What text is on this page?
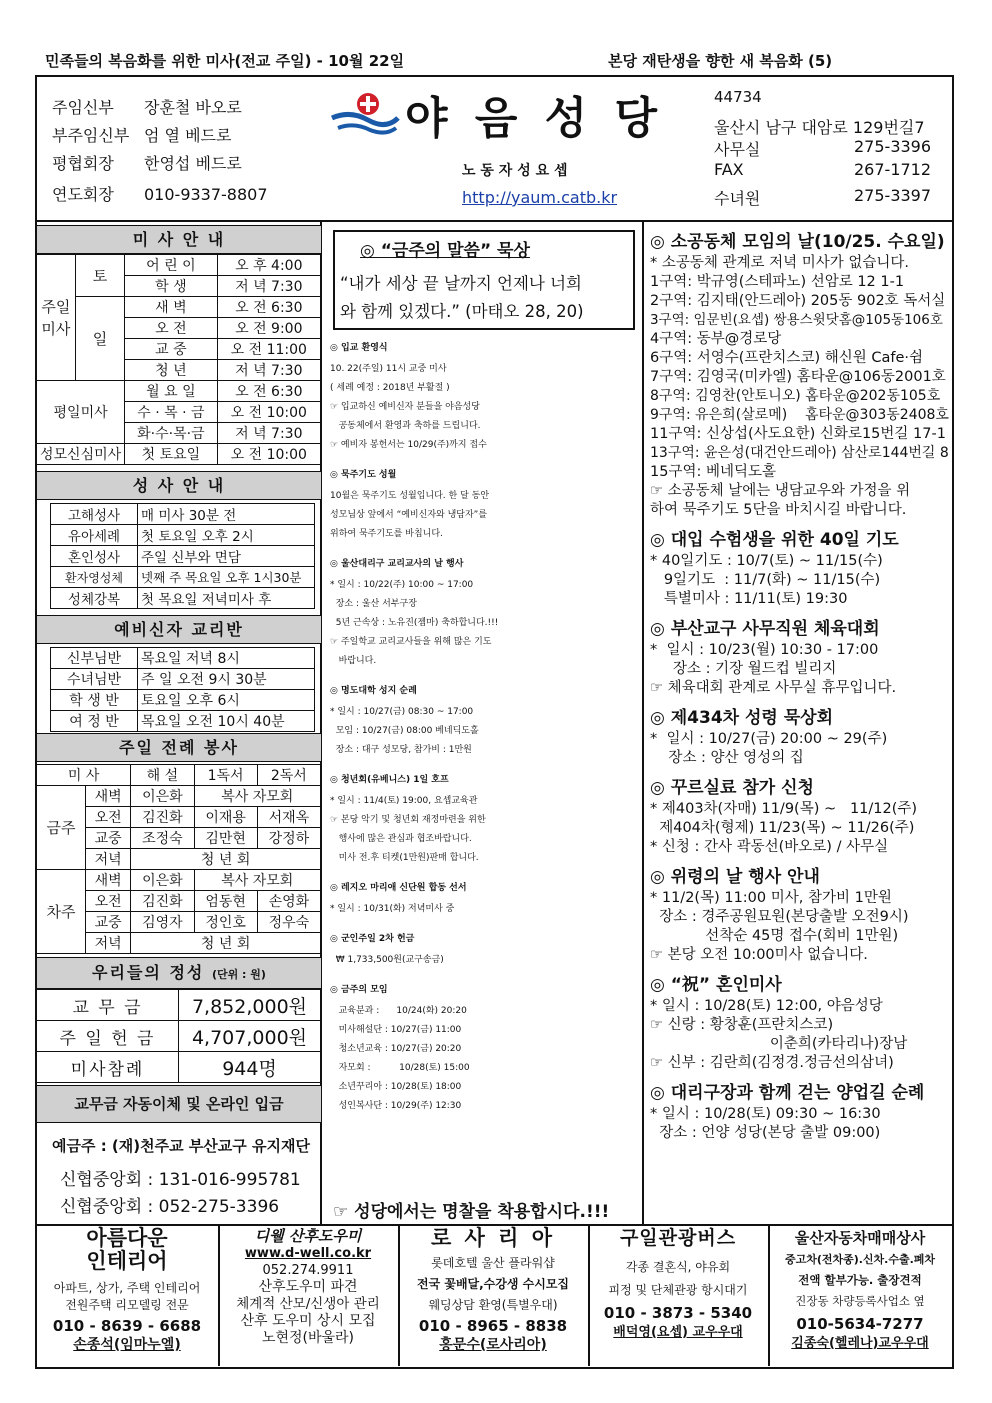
민족들의 복음화를 위한 미사(전교 주일) - 10월 22일	본당 재탄생을 향한 새 복음화 (5)
주임신부 장훈철 바오로
부주임신부 엄 열 베드로
평협회장 한영섭 베드로
연도회장 010-9337-8807
야 음 성 당
노 동 자 성 요 셉
http://yaum.catb.kr
44734
울산시 남구 대암로 129번길7
사무실	275-3396
FAX	267-1712
수녀원	275-3397
미 사 안 내
주일미사	토	어 린 이	오 후 4:00
		학 생	저 녁 7:30
	일	새 벽	오 전 6:30
		오 전	오 전 9:00
		교 중	오 전 11:00
		청 년	저 녁 7:30
평일미사		월 요 일	오 전 6:30
		수 · 목 · 금	오 전 10:00
		화·수·목·금	저 녁 7:30
성모신심미사		첫 토요일	오 전 10:00
성 사 안 내
고해성사	매 미사 30분 전
유아세례	첫 토요일 오후 2시
혼인성사	주일 신부와 면담
환자영성체	넷째 주 목요일 오후 1시30분
성체강복	첫 목요일 저녁미사 후
예비신자 교리반
신부님반	목요일 저녁 8시
수녀님반	주 일 오전 9시 30분
학 생 반	토요일 오후 6시
여 정 반	목요일 오전 10시 40분
주일 전례 봉사
미 사		해 설	1독서	2독서
금주	새벽	이은화	복사 자모회	
	오전	김진화	이재용	서재옥
	교중	조정숙	김만현	강정하
	저녁	청 년 회		
차주	새벽	이은화	복사 자모회	
	오전	김진화	엄동현	손영화
	교중	김영자	정인호	정우숙
	저녁	청 년 회		
우리들의 정성 (단위 : 원)
교 무 금	7,852,000원
주 일 헌 금	4,707,000원
미사참례	944명
교무금 자동이체 및 온라인 입금
예금주 : (재)천주교 부산교구 유지재단
신협중앙회 : 131-016-995781
신협중앙회 : 052-275-3396
◎ “금주의 말씀” 묵상
“내가 세상 끝 날까지 언제나 너희
와 함께 있겠다.” (마태오 28, 20)
◎ 입교 환영식
10. 22(주일) 11시 교중 미사
( 세례 예정 : 2018년 부활절 )
☞ 입교하신 예비신자 분들을 야음성당
공동체에서 환영과 축하를 드립니다.
☞ 예비자 봉헌서는 10/29(주)까지 접수
◎ 묵주기도 성월
10월은 묵주기도 성월입니다. 한 달 동안
성모님상 앞에서 “예비신자와 냉담자”를
위하여 묵주기도를 바칩니다.
◎ 울산대리구 교리교사의 날 행사
* 일시 : 10/22(주) 10:00 ~ 17:00
장소 : 울산 서부구장
5년 근속상 : 노유진(젬마) 축하합니다.!!!
☞ 주일학교 교리교사들을 위해 많은 기도
바랍니다.
◎ 명도대학 성지 순례
* 일시 : 10/27(금) 08:30 ~ 17:00
모임 : 10/27(금) 08:00 베네딕도홀
장소 : 대구 성모당, 참가비 : 1만원
◎ 청년회(유베니스) 1일 호프
* 일시 : 11/4(토) 19:00, 요셉교육관
☞ 본당 악기 및 청년회 재정마련을 위한
행사에 많은 관심과 협조바랍니다.
미사 전.후 티켓(1만원)판매 합니다.
◎ 레지오 마리애 신단원 합동 선서
* 일시 : 10/31(화) 저녁미사 중
◎ 군인주일 2차 헌금
₩ 1,733,500원(교구송금)
◎ 금주의 모임
교육분과 :      10/24(화) 20:20
미사해설단 : 10/27(금) 11:00
청소년교육 : 10/27(금) 20:20
자모회 :          10/28(토) 15:00
소년꾸리아 : 10/28(토) 18:00
성인복사단 : 10/29(주) 12:30
☞ 성당에서는 명찰을 착용합시다.!!!
◎ 소공동체 모임의 날(10/25. 수요일)
* 소공동체 관계로 저녁 미사가 없습니다.
1구역: 박규영(스테파노) 선암로 12 1-1
2구역: 김지태(안드레아) 205동 902호 독서실
3구역: 임문빈(요셉) 쌍용스윗닷홈@105동106호
4구역: 동부@경로당
6구역: 서영수(프란치스코) 해신원 Cafe·쉼
7구역: 김영국(미카엘) 홈타운@106동2001호
8구역: 김영찬(안토니오) 홈타운@202동105호
9구역: 유은희(살로메)    홈타운@303동2408호
11구역: 신상섭(사도요한) 신화로15번길 17-1
13구역: 윤은성(대건안드레아) 삼산로144번길 8
15구역: 베네딕도홀
☞ 소공동체 날에는 냉담교우와 가정을 위
하여 묵주기도 5단을 바치시길 바랍니다.
◎ 대입 수험생을 위한 40일 기도
* 40일기도 : 10/7(토) ~ 11/15(수)
9일기도  : 11/7(화) ~ 11/15(수)
특별미사 : 11/11(토) 19:30
◎ 부산교구 사무직원 체육대회
*  일시 : 10/23(월) 10:30 - 17:00
장소 : 기장 월드컵 빌리지
☞ 체육대회 관계로 사무실 휴무입니다.
◎ 제434차 성령 묵상회
*  일시 : 10/27(금) 20:00 ~ 29(주)
장소 : 양산 영성의 집
◎ 꾸르실료 참가 신청
* 제403차(자매) 11/9(목) ~   11/12(주)
제404차(형제) 11/23(목) ~ 11/26(주)
* 신청 : 간사 곽동선(바오로) / 사무실
◎ 위령의 날 행사 안내
* 11/2(목) 11:00 미사, 참가비 1만원
장소 : 경주공원묘원(본당출발 오전9시)
선착순 45명 접수(회비 1만원)
☞ 본당 오전 10:00미사 없습니다.
◎ “祝” 혼인미사
* 일시 : 10/28(토) 12:00, 야음성당
☞ 신랑 : 황창훈(프란치스코)
이춘희(카타리나)장남
☞ 신부 : 김란희(김정경.정금선의삼녀)
◎ 대리구장과 함께 걷는 양업길 순례
* 일시 : 10/28(토) 09:30 ~ 16:30
장소 : 언양 성당(본당 출발 09:00)
아름다운
인테리어
아파트, 상가, 주택 인테리어
전원주택 리모델링 전문
010 - 8639 - 6688
손종석(임마누엘)
디웰 산후도우미
www.d-well.co.kr
052.274.9911
산후도우미 파견
체계적 산모/신생아 관리
산후 도우미 상시 모집
노현정(바울라)
로 사 리 아
롯데호텔 울산 플라워샵
전국 꽃배달,수강생 수시모집
웨딩상담 환영(특별우대)
010 - 8965 - 8838
홍문수(로사리아)
구일관광버스
각종 결혼식, 야유회
피정 및 단체관광 항시대기
010 - 3873 - 5340
배덕영(요셉) 교우우대
울산자동차매매상사
중고차(전차종).신차.수출.폐차
전액 할부가능. 출장견적
진장동 차량등록사업소 옆
010-5634-7277
김종숙(헬레나)교우우대
